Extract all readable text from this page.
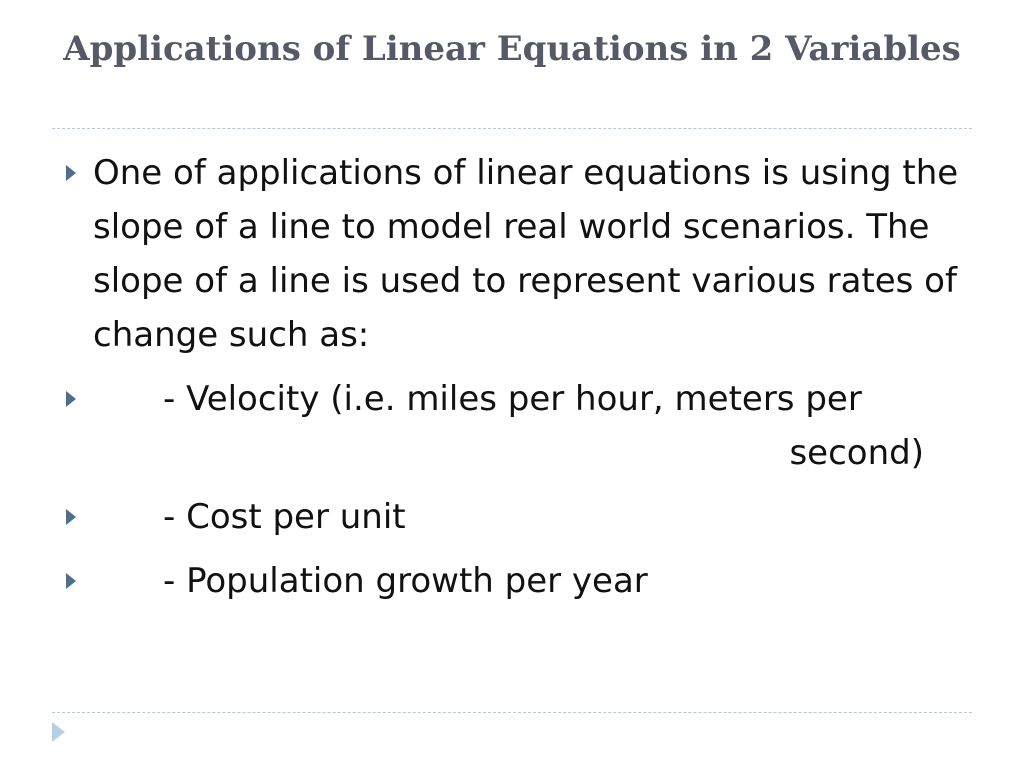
Applications of Linear Equations in 2 Variables
One of applications of linear equations is using the slope of a line to model real world scenarios. The slope of a line is used to represent various rates of change such as:
- Velocity (i.e. miles per hour, meters per
second)
- Cost per unit
- Population growth per year
